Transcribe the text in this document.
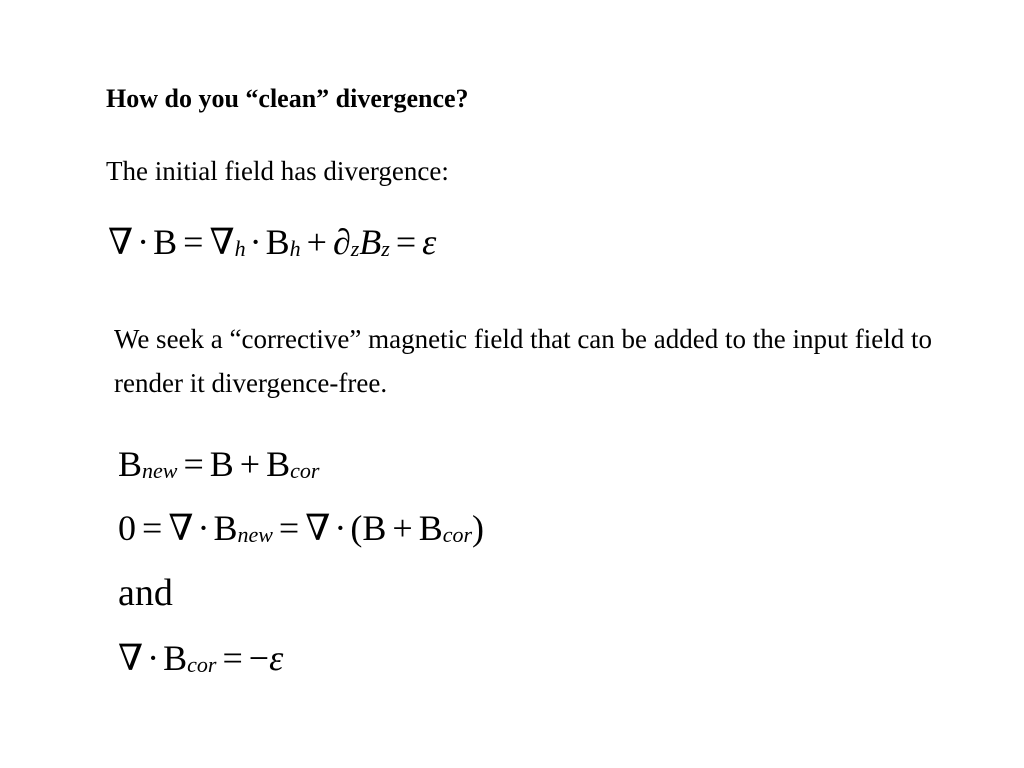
How do you “clean” divergence?
The initial field has divergence:
∇ · B = ∇h · Bh + ∂zBz = ε
We seek a “corrective” magnetic field that can be added to the input field to render it divergence-free.
Bnew = B + Bcor
0 = ∇ · Bnew = ∇ · (B + Bcor)
and
∇ · Bcor = −ε
